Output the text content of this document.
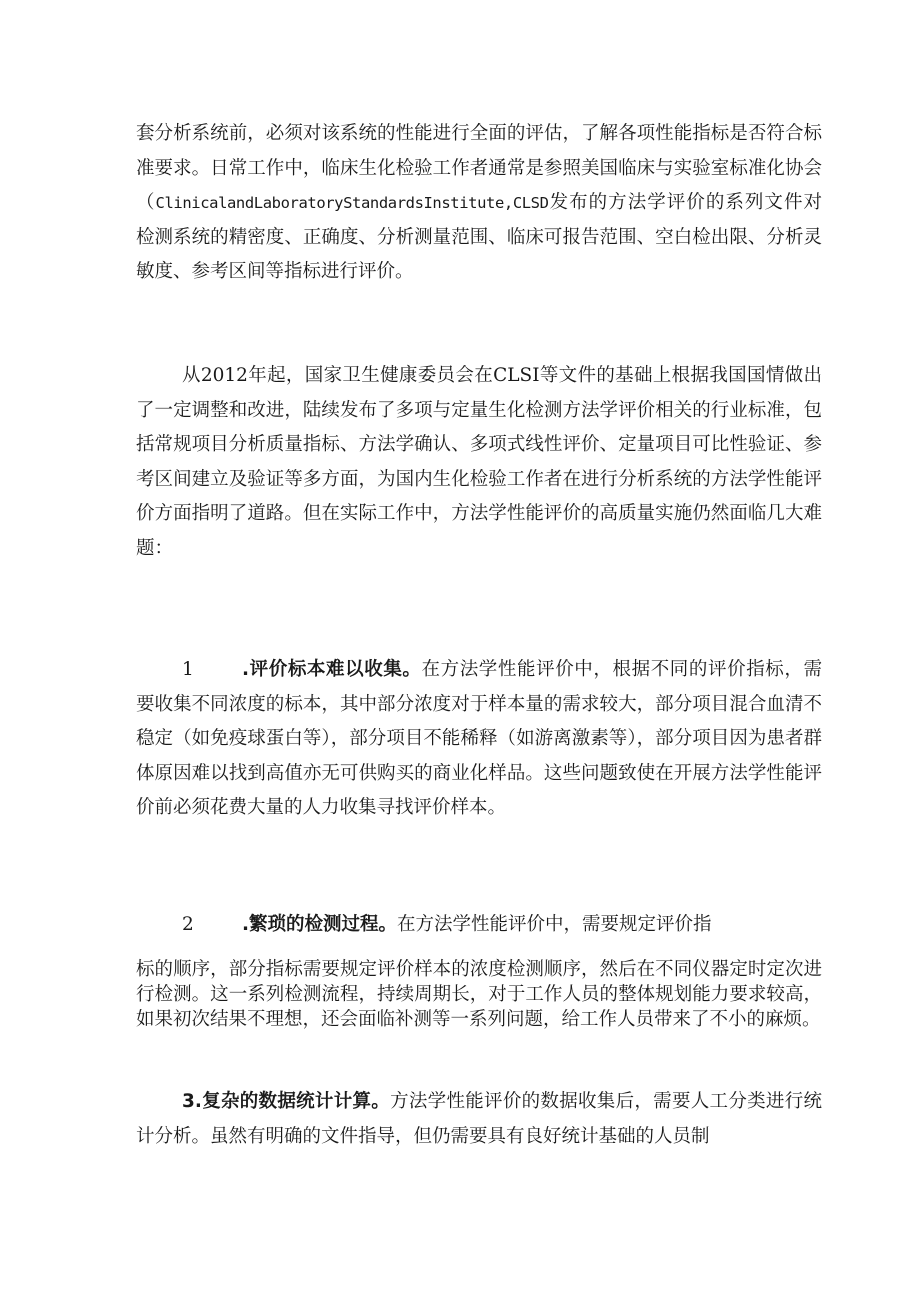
套分析系统前，必须对该系统的性能进行全面的评估，了解各项性能指标是否符合标准要求。日常工作中，临床生化检验工作者通常是参照美国临床与实验室标准化协会（ClinicalandLaboratoryStandardsInstitute,CLSD发布的方法学评价的系列文件对检测系统的精密度、正确度、分析测量范围、临床可报告范围、空白检出限、分析灵敏度、参考区间等指标进行评价。
从2012年起，国家卫生健康委员会在CLSI等文件的基础上根据我国国情做出了一定调整和改进，陆续发布了多项与定量生化检测方法学评价相关的行业标准，包括常规项目分析质量指标、方法学确认、多项式线性评价、定量项目可比性验证、参考区间建立及验证等多方面，为国内生化检验工作者在进行分析系统的方法学性能评价方面指明了道路。但在实际工作中，方法学性能评价的高质量实施仍然面临几大难题：
1	.评价标本难以收集。在方法学性能评价中，根据不同的评价指标，需要收集不同浓度的标本，其中部分浓度对于样本量的需求较大，部分项目混合血清不稳定（如免疫球蛋白等），部分项目不能稀释（如游离激素等），部分项目因为患者群体原因难以找到高值亦无可供购买的商业化样品。这些问题致使在开展方法学性能评价前必须花费大量的人力收集寻找评价样本。
2	.繁琐的检测过程。在方法学性能评价中，需要规定评价指
标的顺序，部分指标需要规定评价样本的浓度检测顺序，然后在不同仪器定时定次进行检测。这一系列检测流程，持续周期长，对于工作人员的整体规划能力要求较高，如果初次结果不理想，还会面临补测等一系列问题，给工作人员带来了不小的麻烦。
3.复杂的数据统计计算。方法学性能评价的数据收集后，需要人工分类进行统计分析。虽然有明确的文件指导，但仍需要具有良好统计基础的人员制
